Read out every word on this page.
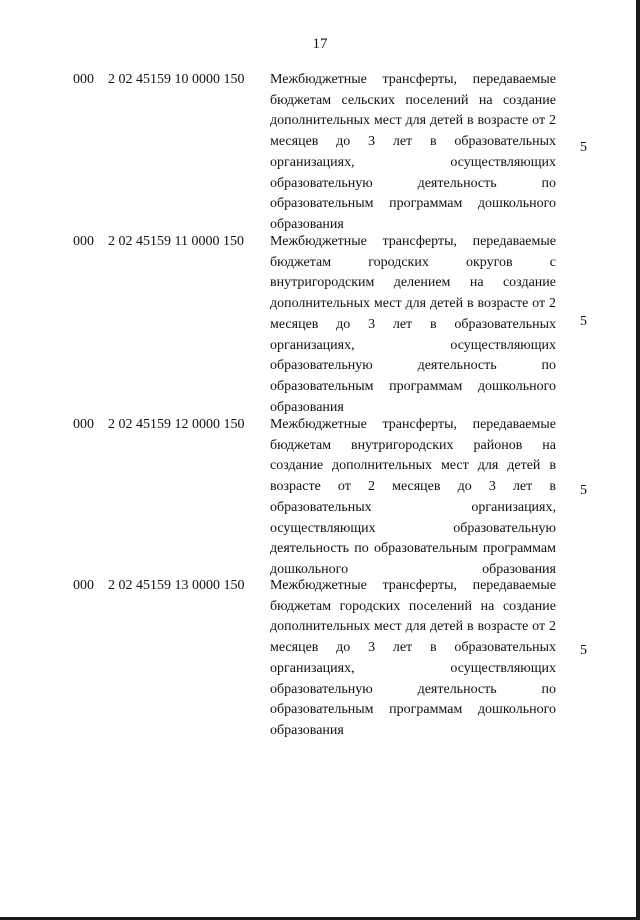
17
000 2 02 45159 10 0000 150 Межбюджетные трансферты, передаваемые бюджетам сельских поселений на создание дополнительных мест для детей в возрасте от 2 месяцев до 3 лет в образовательных организациях, осуществляющих образовательную деятельность по образовательным программам дошкольного образования
5
000 2 02 45159 11 0000 150 Межбюджетные трансферты, передаваемые бюджетам городских округов с внутригородским делением на создание дополнительных мест для детей в возрасте от 2 месяцев до 3 лет в образовательных организациях, осуществляющих образовательную деятельность по образовательным программам дошкольного образования
5
000 2 02 45159 12 0000 150 Межбюджетные трансферты, передаваемые бюджетам внутригородских районов на создание дополнительных мест для детей в возрасте от 2 месяцев до 3 лет в образовательных организациях, осуществляющих образовательную деятельность по образовательным программам дошкольного образования
5
000 2 02 45159 13 0000 150 Межбюджетные трансферты, передаваемые бюджетам городских поселений на создание дополнительных мест для детей в возрасте от 2 месяцев до 3 лет в образовательных организациях, осуществляющих образовательную деятельность по образовательным программам дошкольного образования
5
